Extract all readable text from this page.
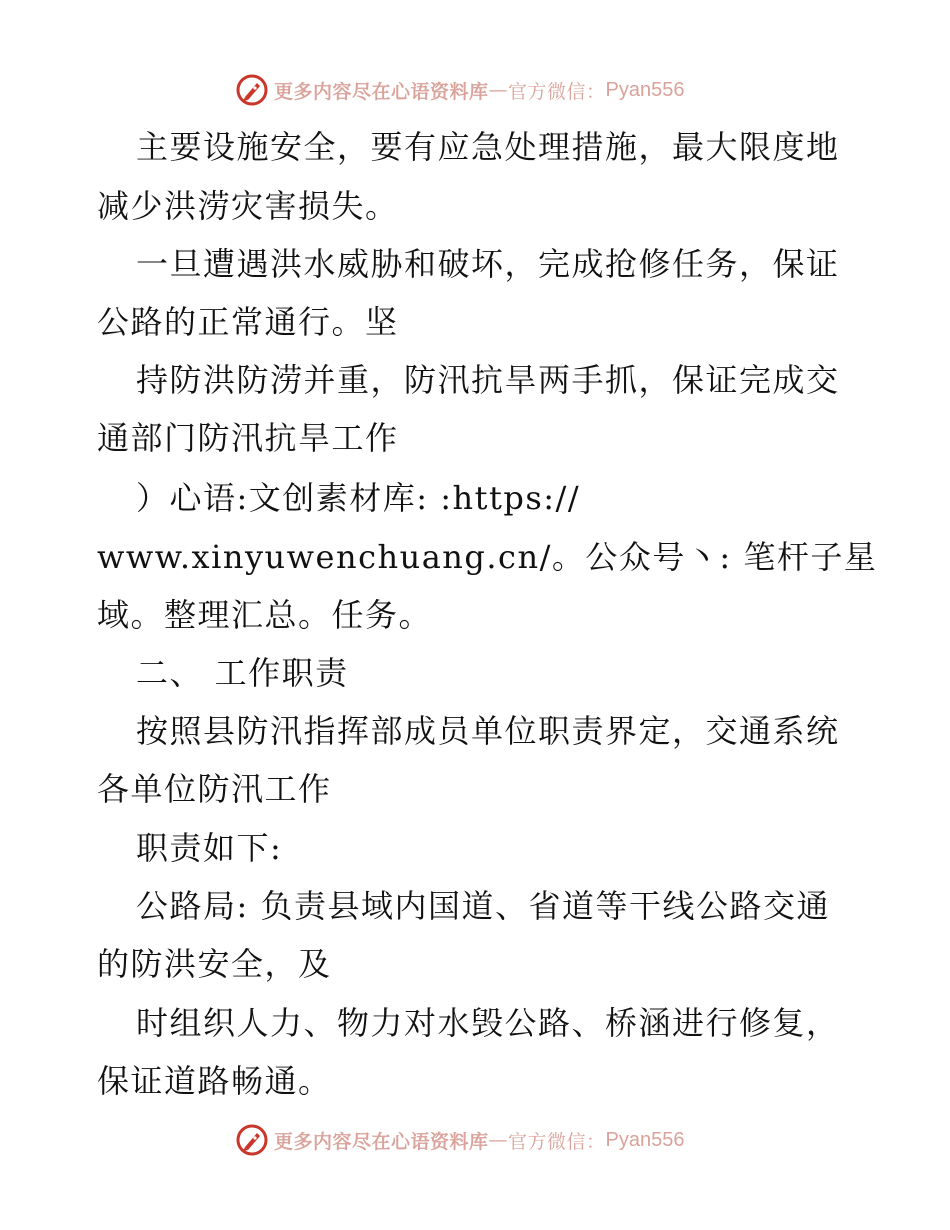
更多内容尽在心语资料库 — 官方微信： Pyan556
主要设施安全，要有应急处理措施，最大限度地
减少洪涝灾害损失。
一旦遭遇洪水威胁和破坏，完成抢修任务，保证
公路的正常通行。坚
持防洪防涝并重，防汛抗旱两手抓，保证完成交
通部门防汛抗旱工作
）心语:文创素材库: :https://
www.xinyuwenchuang.cn/。公众号丶: 笔杆子星
域。整理汇总。任务。
二、 工作职责
按照县防汛指挥部成员单位职责界定，交通系统
各单位防汛工作
职责如下:
公路局: 负责县域内国道、省道等干线公路交通
的防洪安全，及
时组织人力、物力对水毁公路、桥涵进行修复，
保证道路畅通。
更多内容尽在心语资料库 — 官方微信： Pyan556
